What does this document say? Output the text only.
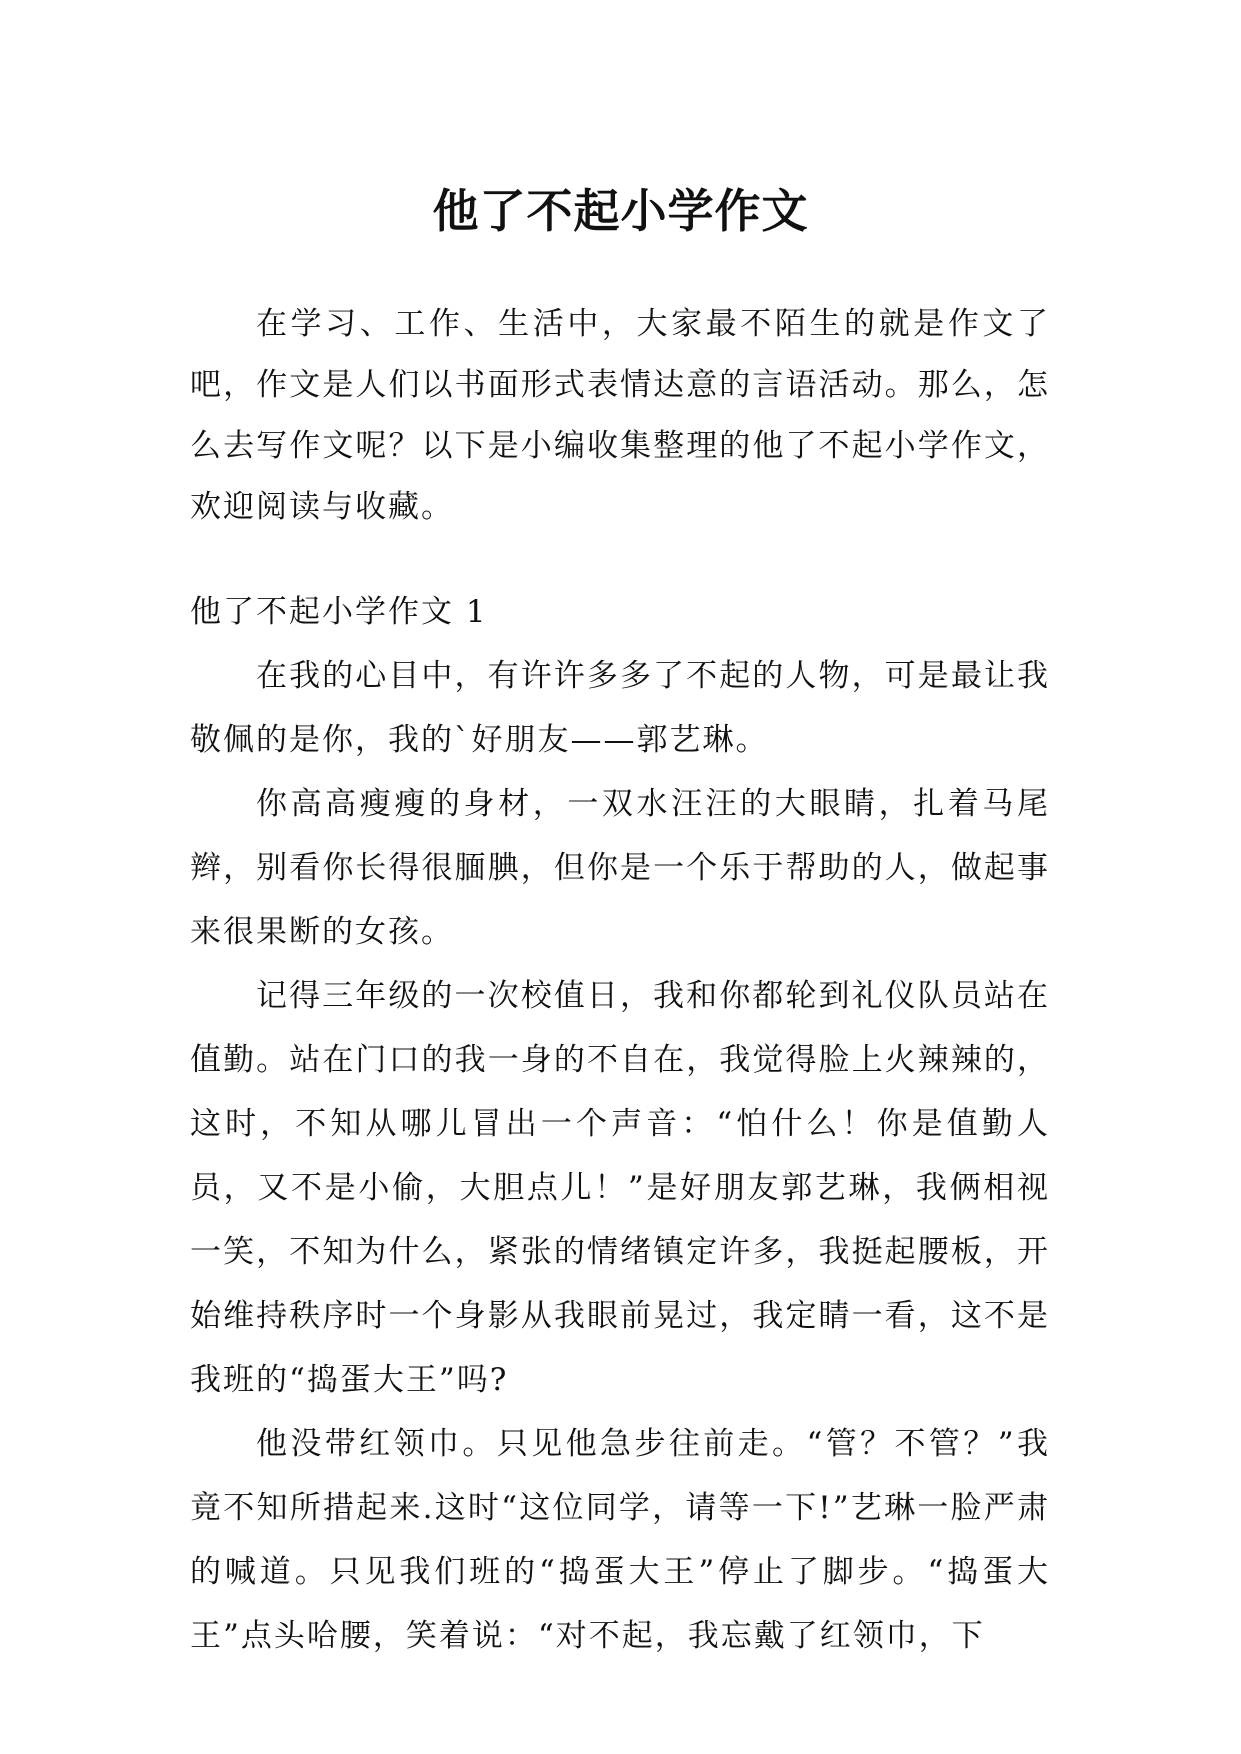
他了不起小学作文

在学习、工作、生活中，大家最不陌生的就是作文了吧，作文是人们以书面形式表情达意的言语活动。那么，怎么去写作文呢？以下是小编收集整理的他了不起小学作文，欢迎阅读与收藏。

他了不起小学作文 1

在我的心目中，有许许多多了不起的人物，可是最让我敬佩的是你，我的`好朋友——郭艺琳。

你高高瘦瘦的身材，一双水汪汪的大眼睛，扎着马尾辫，别看你长得很腼腆，但你是一个乐于帮助的人，做起事来很果断的女孩。

记得三年级的一次校值日，我和你都轮到礼仪队员站在值勤。站在门口的我一身的不自在，我觉得脸上火辣辣的，这时，不知从哪儿冒出一个声音：“怕什么！你是值勤人员，又不是小偷，大胆点儿！”是好朋友郭艺琳，我俩相视一笑，不知为什么，紧张的情绪镇定许多，我挺起腰板，开始维持秩序时一个身影从我眼前晃过，我定睛一看，这不是我班的“捣蛋大王”吗?

他没带红领巾。只见他急步往前走。“管？不管？”我竟不知所措起来.这时“这位同学，请等一下!”艺琳一脸严肃的喊道。只见我们班的“捣蛋大王”停止了脚步。“捣蛋大王”点头哈腰，笑着说：“对不起，我忘戴了红领巾，下
